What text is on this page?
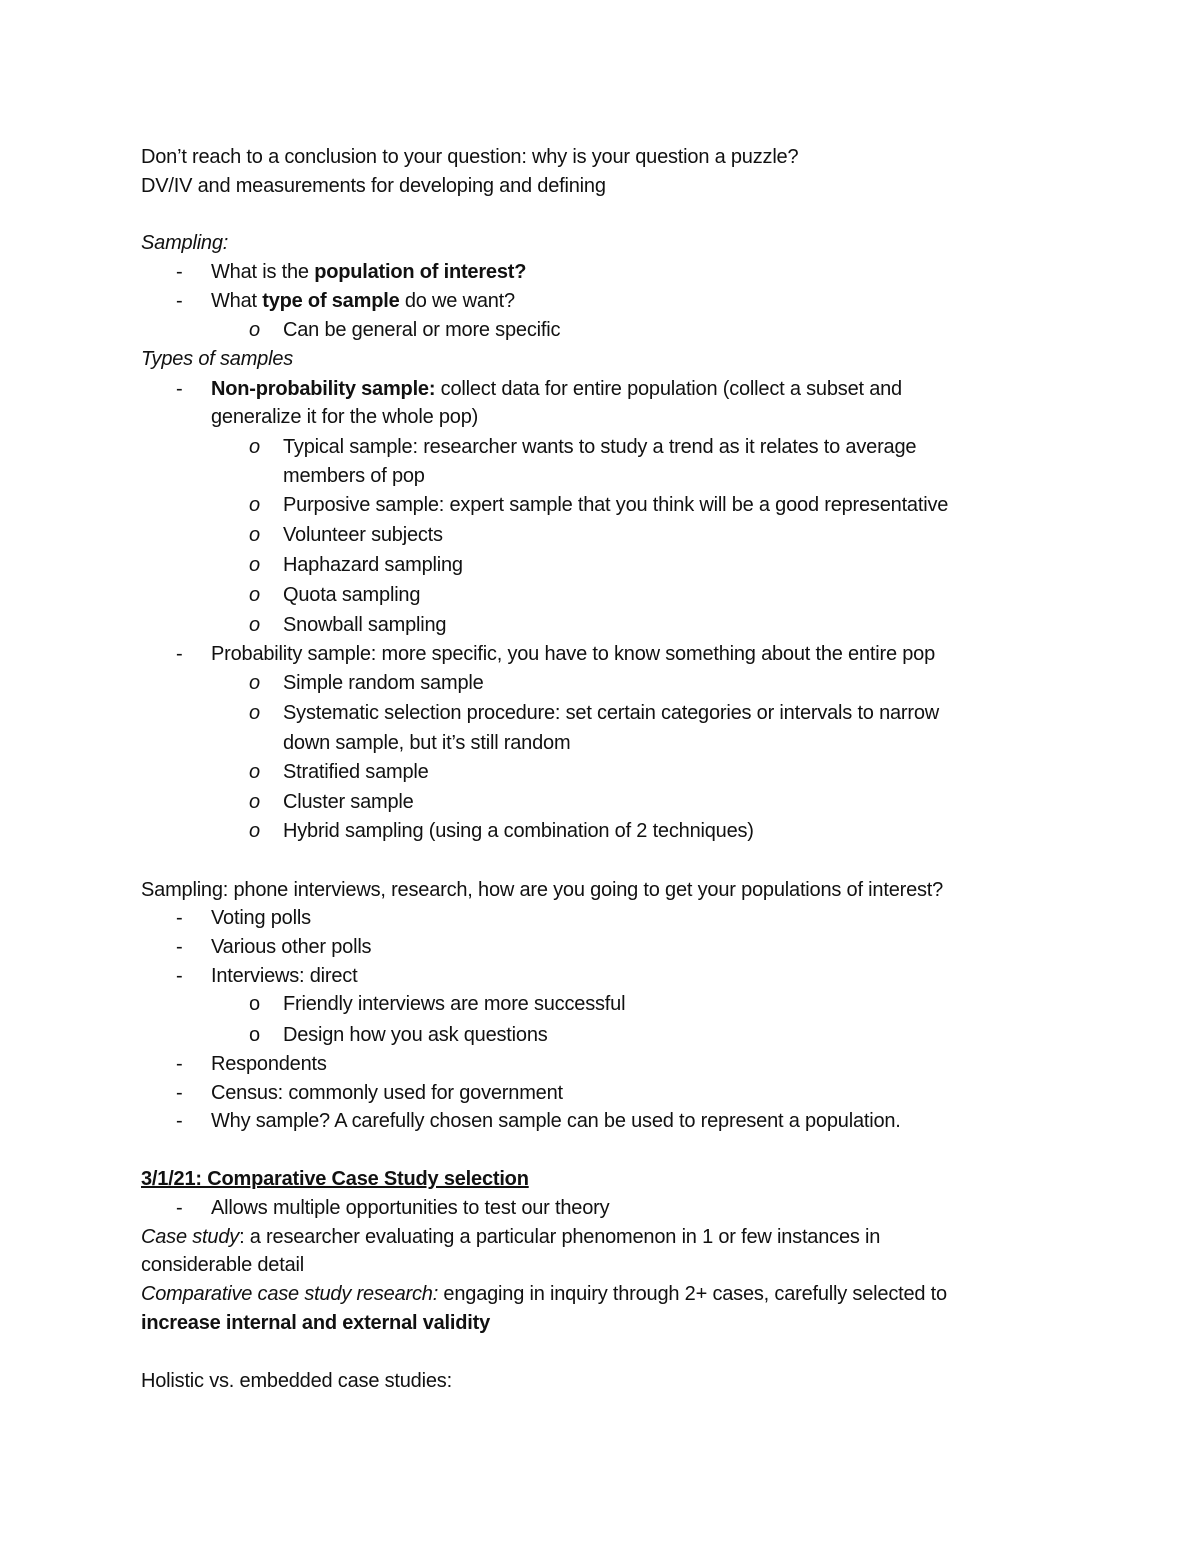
Don’t reach to a conclusion to your question: why is your question a puzzle?
DV/IV and measurements for developing and defining
Sampling:
- What is the population of interest?
- What type of sample do we want?
o Can be general or more specific
Types of samples
- Non-probability sample: collect data for entire population (collect a subset and
generalize it for the whole pop)
o Typical sample: researcher wants to study a trend as it relates to average
members of pop
o Purposive sample: expert sample that you think will be a good representative
o Volunteer subjects
o Haphazard sampling
o Quota sampling
o Snowball sampling
- Probability sample: more specific, you have to know something about the entire pop
o Simple random sample
o Systematic selection procedure: set certain categories or intervals to narrow
down sample, but it’s still random
o Stratified sample
o Cluster sample
o Hybrid sampling (using a combination of 2 techniques)
Sampling: phone interviews, research, how are you going to get your populations of interest?
- Voting polls
- Various other polls
- Interviews: direct
o Friendly interviews are more successful
o Design how you ask questions
- Respondents
- Census: commonly used for government
- Why sample? A carefully chosen sample can be used to represent a population.
3/1/21: Comparative Case Study selection
- Allows multiple opportunities to test our theory
Case study: a researcher evaluating a particular phenomenon in 1 or few instances in
considerable detail
Comparative case study research: engaging in inquiry through 2+ cases, carefully selected to
increase internal and external validity
Holistic vs. embedded case studies:
